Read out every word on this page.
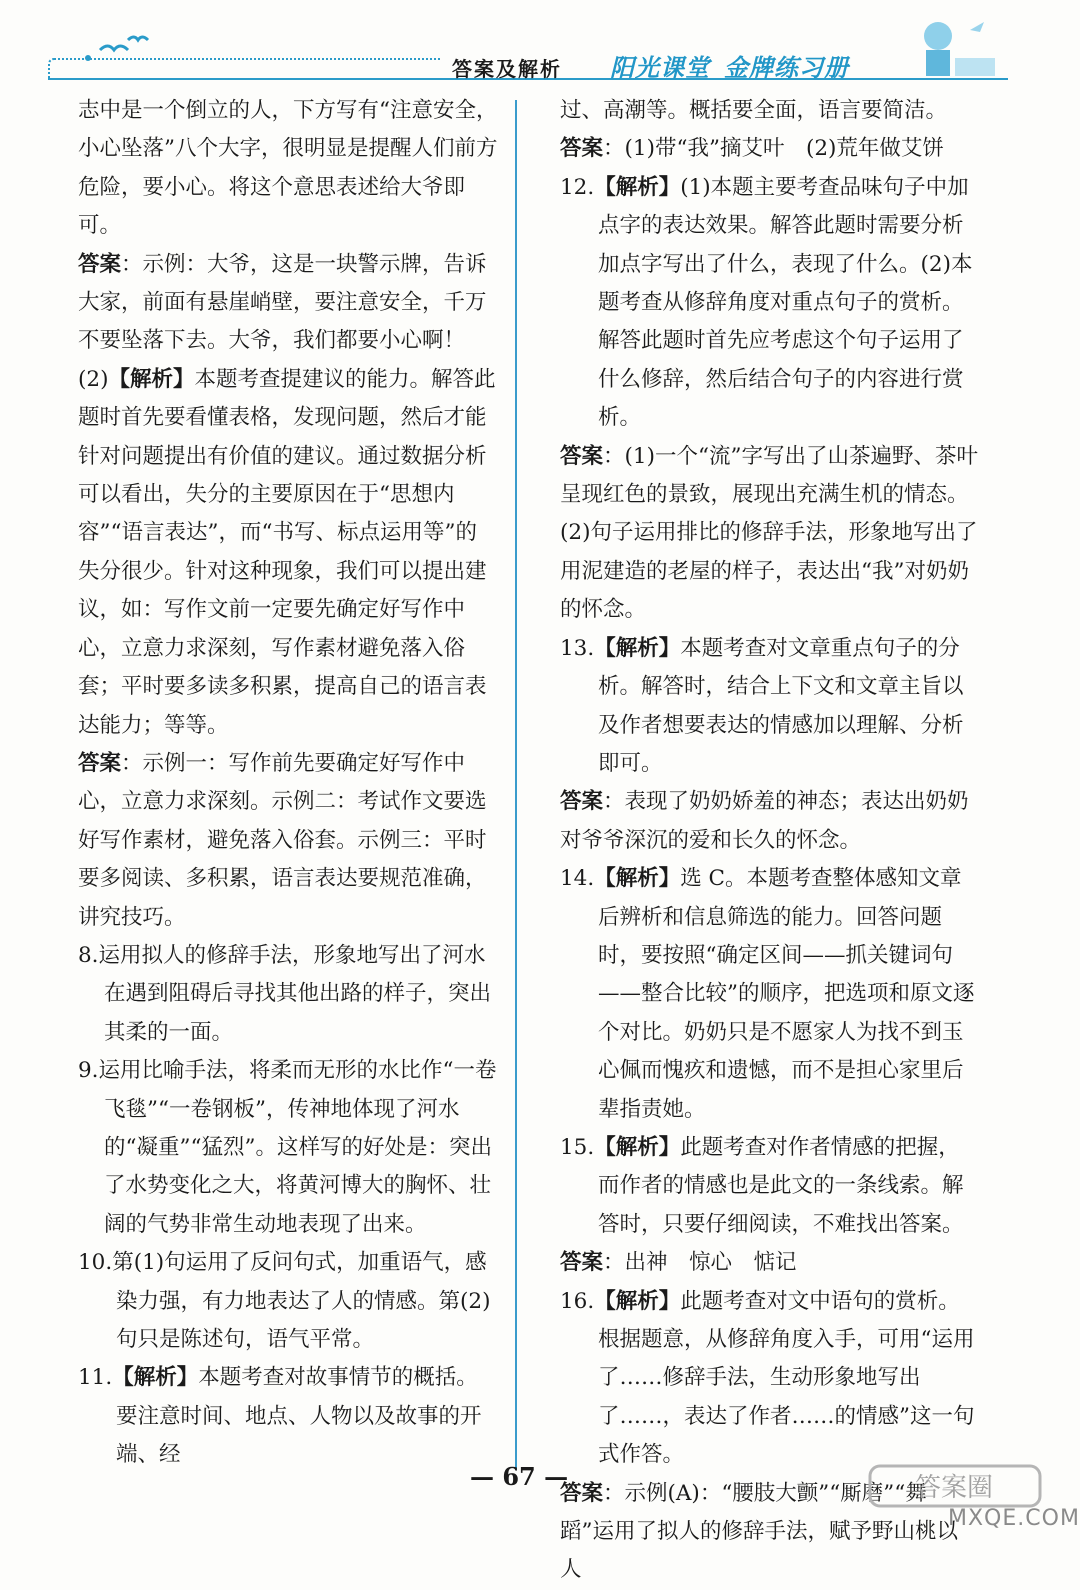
答案及解析 阳光课堂 金牌练习册

志中是一个倒立的人，下方写有“注意安全，小心坠落”八个大字，很明显是提醒人们前方危险，要小心。将这个意思表述给大爷即可。

答案：示例：大爷，这是一块警示牌，告诉大家，前面有悬崖峭壁，要注意安全，千万不要坠落下去。大爷，我们都要小心啊！

(2)【解析】本题考查提建议的能力。解答此题时首先要看懂表格，发现问题，然后才能针对问题提出有价值的建议。通过数据分析可以看出，失分的主要原因在于“思想内容”“语言表达”，而“书写、标点运用等”的失分很少。针对这种现象，我们可以提出建议，如：写作文前一定要先确定好写作中心，立意力求深刻，写作素材避免落入俗套；平时要多读多积累，提高自己的语言表达能力；等等。

答案：示例一：写作前先要确定好写作中心，立意力求深刻。示例二：考试作文要选好写作素材，避免落入俗套。示例三：平时要多阅读、多积累，语言表达要规范准确，讲究技巧。

8.运用拟人的修辞手法，形象地写出了河水在遇到阻碍后寻找其他出路的样子，突出其柔的一面。

9.运用比喻手法，将柔而无形的水比作“一卷飞毯”“一卷钢板”，传神地体现了河水的“凝重”“猛烈”。这样写的好处是：突出了水势变化之大，将黄河博大的胸怀、壮阔的气势非常生动地表现了出来。

10.第(1)句运用了反问句式，加重语气，感染力强，有力地表达了人的情感。第(2)句只是陈述句，语气平常。

11.【解析】本题考查对故事情节的概括。要注意时间、地点、人物以及故事的开端、经

过、高潮等。概括要全面，语言要简洁。

答案：(1)带“我”摘艾叶　(2)荒年做艾饼

12.【解析】(1)本题主要考查品味句子中加点字的表达效果。解答此题时需要分析加点字写出了什么，表现了什么。(2)本题考查从修辞角度对重点句子的赏析。解答此题时首先应考虑这个句子运用了什么修辞，然后结合句子的内容进行赏析。

答案：(1)一个“流”字写出了山茶遍野、茶叶呈现红色的景致，展现出充满生机的情态。

(2)句子运用排比的修辞手法，形象地写出了用泥建造的老屋的样子，表达出“我”对奶奶的怀念。

13.【解析】本题考查对文章重点句子的分析。解答时，结合上下文和文章主旨以及作者想要表达的情感加以理解、分析即可。

答案：表现了奶奶娇羞的神态；表达出奶奶对爷爷深沉的爱和长久的怀念。

14.【解析】选 C。本题考查整体感知文章后辨析和信息筛选的能力。回答问题时，要按照“确定区间——抓关键词句——整合比较”的顺序，把选项和原文逐个对比。奶奶只是不愿家人为找不到玉心佩而愧疚和遗憾，而不是担心家里后辈指责她。

15.【解析】此题考查对作者情感的把握，而作者的情感也是此文的一条线索。解答时，只要仔细阅读，不难找出答案。

答案：出神　惊心　惦记

16.【解析】此题考查对文中语句的赏析。根据题意，从修辞角度入手，可用“运用了……修辞手法，生动形象地写出了……，表达了作者……的情感”这一句式作答。

答案：示例(A)：“腰肢大颤”“厮磨”“舞蹈”运用了拟人的修辞手法，赋予野山桃以人

— 67 —	答案圈
MXQE.COM
